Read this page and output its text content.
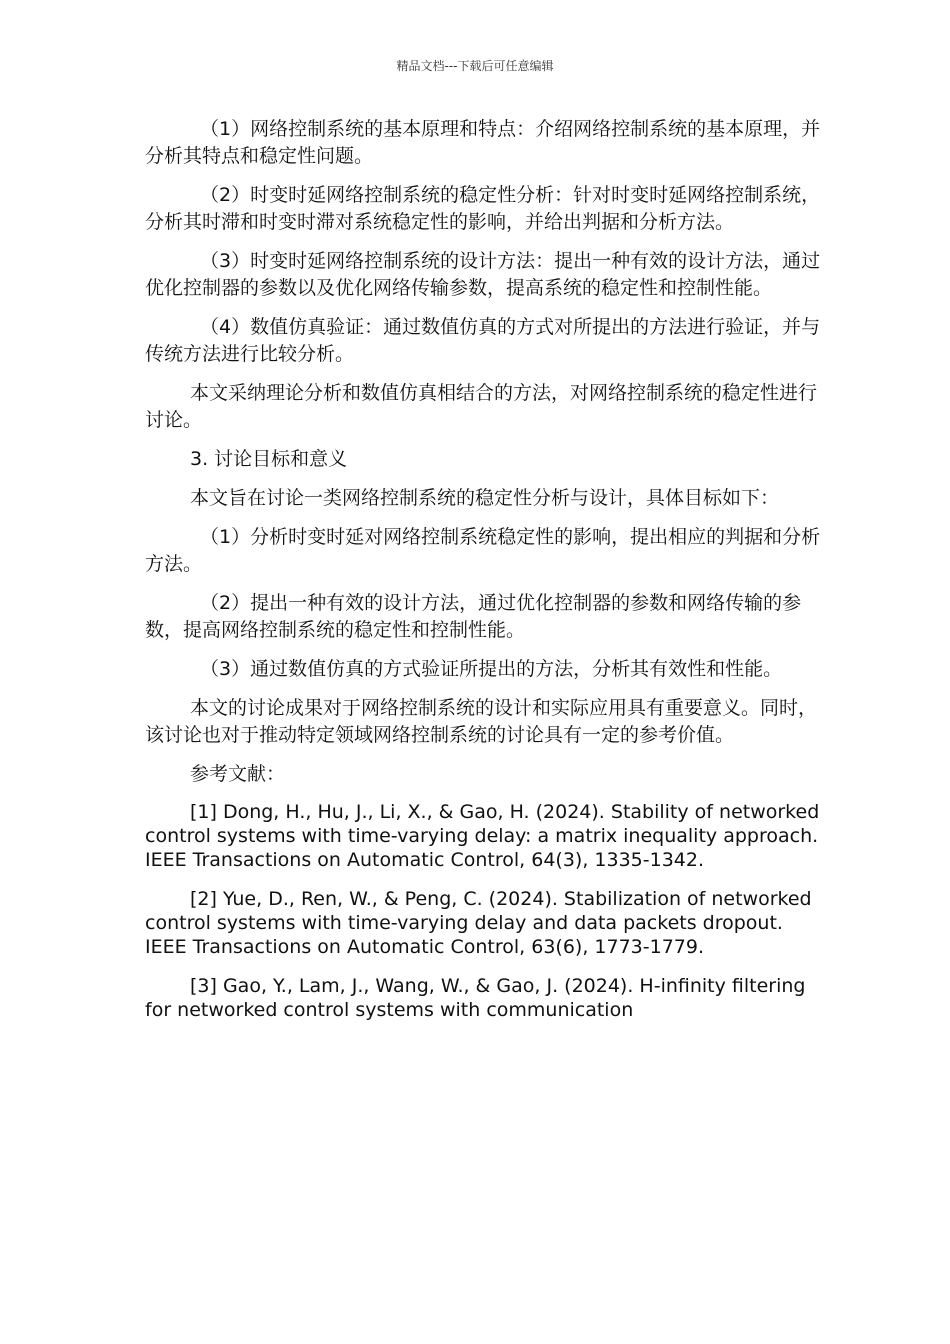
精品文档---下载后可任意编辑

（1）网络控制系统的基本原理和特点：介绍网络控制系统的基本原理，并分析其特点和稳定性问题。

（2）时变时延网络控制系统的稳定性分析：针对时变时延网络控制系统，分析其时滞和时变时滞对系统稳定性的影响，并给出判据和分析方法。

（3）时变时延网络控制系统的设计方法：提出一种有效的设计方法，通过优化控制器的参数以及优化网络传输参数，提高系统的稳定性和控制性能。

（4）数值仿真验证：通过数值仿真的方式对所提出的方法进行验证，并与传统方法进行比较分析。

本文采纳理论分析和数值仿真相结合的方法，对网络控制系统的稳定性进行讨论。

3. 讨论目标和意义

本文旨在讨论一类网络控制系统的稳定性分析与设计，具体目标如下：

（1）分析时变时延对网络控制系统稳定性的影响，提出相应的判据和分析方法。

（2）提出一种有效的设计方法，通过优化控制器的参数和网络传输的参数，提高网络控制系统的稳定性和控制性能。

（3）通过数值仿真的方式验证所提出的方法，分析其有效性和性能。

本文的讨论成果对于网络控制系统的设计和实际应用具有重要意义。同时，该讨论也对于推动特定领域网络控制系统的讨论具有一定的参考价值。

参考文献：

[1] Dong, H., Hu, J., Li, X., & Gao, H. (2024). Stability of networked control systems with time-varying delay: a matrix inequality approach. IEEE Transactions on Automatic Control, 64(3), 1335-1342.

[2] Yue, D., Ren, W., & Peng, C. (2024). Stabilization of networked control systems with time-varying delay and data packets dropout. IEEE Transactions on Automatic Control, 63(6), 1773-1779.

[3] Gao, Y., Lam, J., Wang, W., & Gao, J. (2024). H-infinity filtering for networked control systems with communication
